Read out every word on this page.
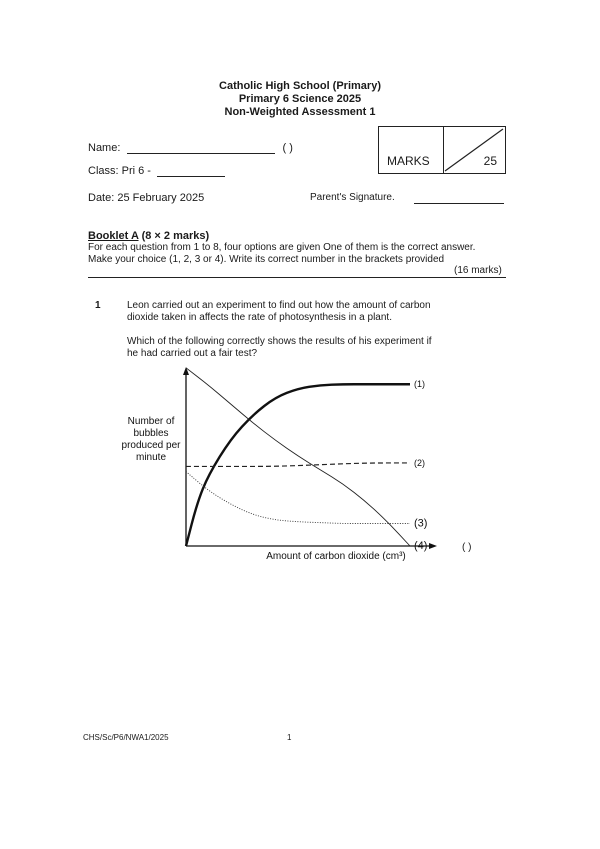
Catholic High School (Primary)
Primary 6 Science 2025
Non-Weighted Assessment 1
Name:	( )
Class: Pri 6 -
MARKS	25
Date: 25 February 2025	Parent's Signature.
Booklet A (8 × 2 marks)
For each question from 1 to 8, four options are given One of them is the correct answer.
Make your choice (1, 2, 3 or 4). Write its correct number in the brackets provided
(16 marks)
1	Leon carried out an experiment to find out how the amount of carbon
dioxide taken in affects the rate of photosynthesis in a plant.
Which of the following correctly shows the results of his experiment if
he had carried out a fair test?
(1)
(2)
(3)
(4)
Number of bubbles produced per minute
Amount of carbon dioxide (cm³)
( )
CHS/Sc/P6/NWA1/2025	1
